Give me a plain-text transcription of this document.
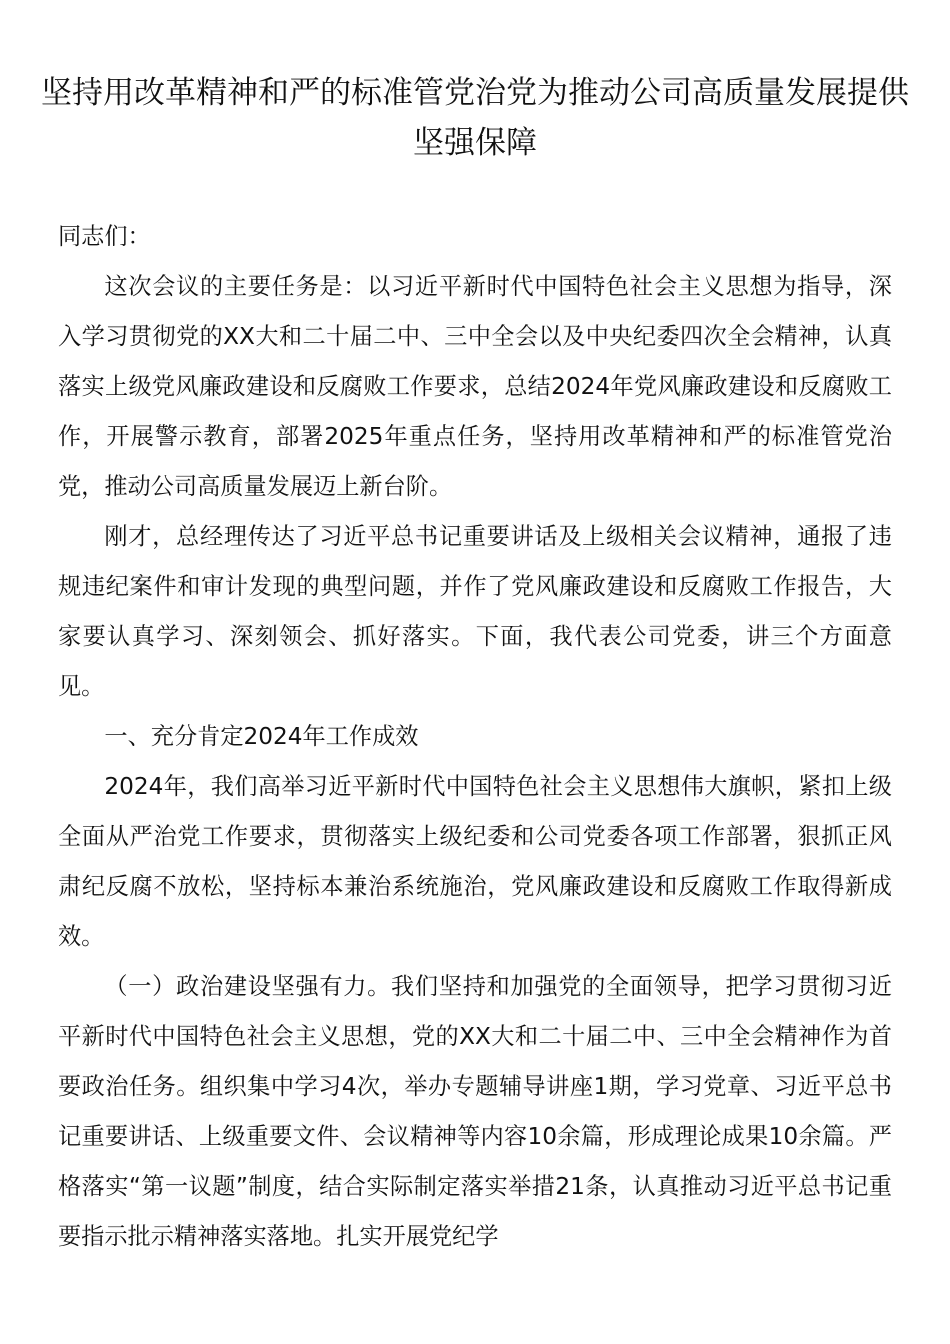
坚持用改革精神和严的标准管党治党为推动公司高质量发展提供坚强保障

同志们：

这次会议的主要任务是：以习近平新时代中国特色社会主义思想为指导，深入学习贯彻党的XX大和二十届二中、三中全会以及中央纪委四次全会精神，认真落实上级党风廉政建设和反腐败工作要求，总结2024年党风廉政建设和反腐败工作，开展警示教育，部署2025年重点任务，坚持用改革精神和严的标准管党治党，推动公司高质量发展迈上新台阶。

刚才，总经理传达了习近平总书记重要讲话及上级相关会议精神，通报了违规违纪案件和审计发现的典型问题，并作了党风廉政建设和反腐败工作报告，大家要认真学习、深刻领会、抓好落实。下面，我代表公司党委，讲三个方面意见。

一、充分肯定2024年工作成效

2024年，我们高举习近平新时代中国特色社会主义思想伟大旗帜，紧扣上级全面从严治党工作要求，贯彻落实上级纪委和公司党委各项工作部署，狠抓正风肃纪反腐不放松，坚持标本兼治系统施治，党风廉政建设和反腐败工作取得新成效。

（一）政治建设坚强有力。我们坚持和加强党的全面领导，把学习贯彻习近平新时代中国特色社会主义思想，党的XX大和二十届二中、三中全会精神作为首要政治任务。组织集中学习4次，举办专题辅导讲座1期，学习党章、习近平总书记重要讲话、上级重要文件、会议精神等内容10余篇，形成理论成果10余篇。严格落实“第一议题”制度，结合实际制定落实举措21条，认真推动习近平总书记重要指示批示精神落实落地。扎实开展党纪学
